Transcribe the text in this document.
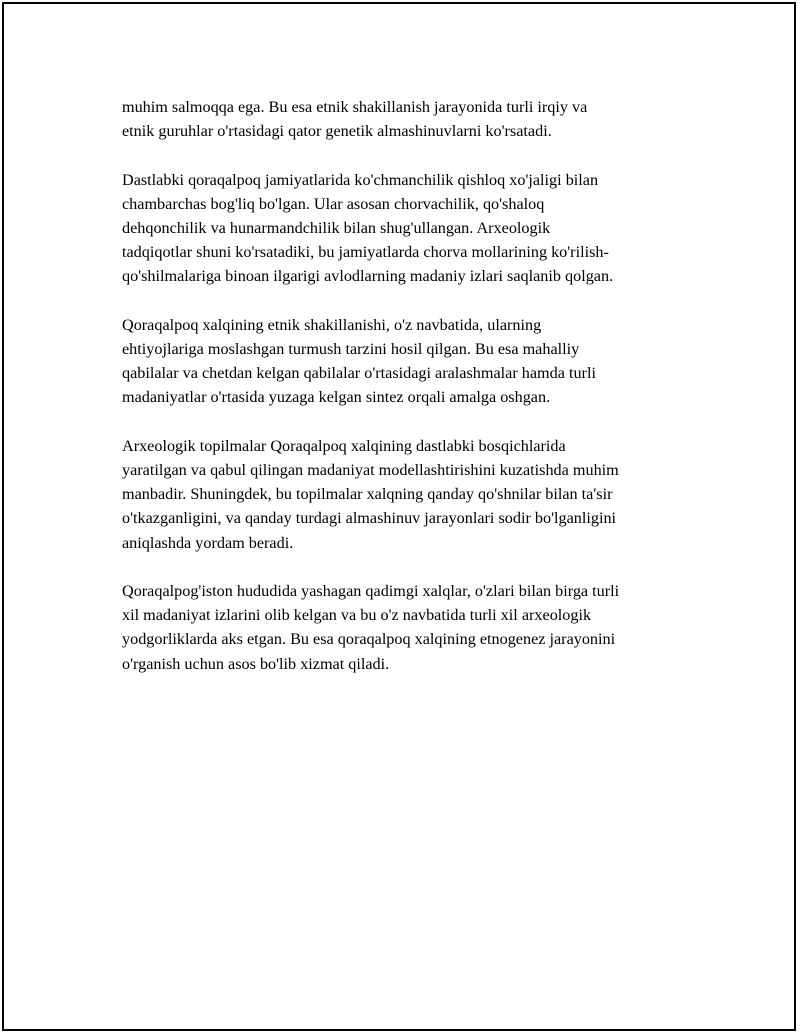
muhim salmoqqa ega. Bu esa etnik shakillanish jarayonida turli irqiy va
etnik guruhlar o'rtasidagi qator genetik almashinuvlarni ko'rsatadi.

Dastlabki qoraqalpoq jamiyatlarida ko'chmanchilik qishloq xo'jaligi bilan
chambarchas bog'liq bo'lgan. Ular asosan chorvachilik, qo'shaloq
dehqonchilik va hunarmandchilik bilan shug'ullangan. Arxeologik
tadqiqotlar shuni ko'rsatadiki, bu jamiyatlarda chorva mollarining ko'rilish-
qo'shilmalariga binoan ilgarigi avlodlarning madaniy izlari saqlanib qolgan.

Qoraqalpoq xalqining etnik shakillanishi, o'z navbatida, ularning
ehtiyojlariga moslashgan turmush tarzini hosil qilgan. Bu esa mahalliy
qabilalar va chetdan kelgan qabilalar o'rtasidagi aralashmalar hamda turli
madaniyatlar o'rtasida yuzaga kelgan sintez orqali amalga oshgan.

Arxeologik topilmalar Qoraqalpoq xalqining dastlabki bosqichlarida
yaratilgan va qabul qilingan madaniyat modellashtirishini kuzatishda muhim
manbadir. Shuningdek, bu topilmalar xalqning qanday qo'shnilar bilan ta'sir
o'tkazganligini, va qanday turdagi almashinuv jarayonlari sodir bo'lganligini
aniqlashda yordam beradi.

Qoraqalpog'iston hududida yashagan qadimgi xalqlar, o'zlari bilan birga turli
xil madaniyat izlarini olib kelgan va bu o'z navbatida turli xil arxeologik
yodgorliklarda aks etgan. Bu esa qoraqalpoq xalqining etnogenez jarayonini
o'rganish uchun asos bo'lib xizmat qiladi.
